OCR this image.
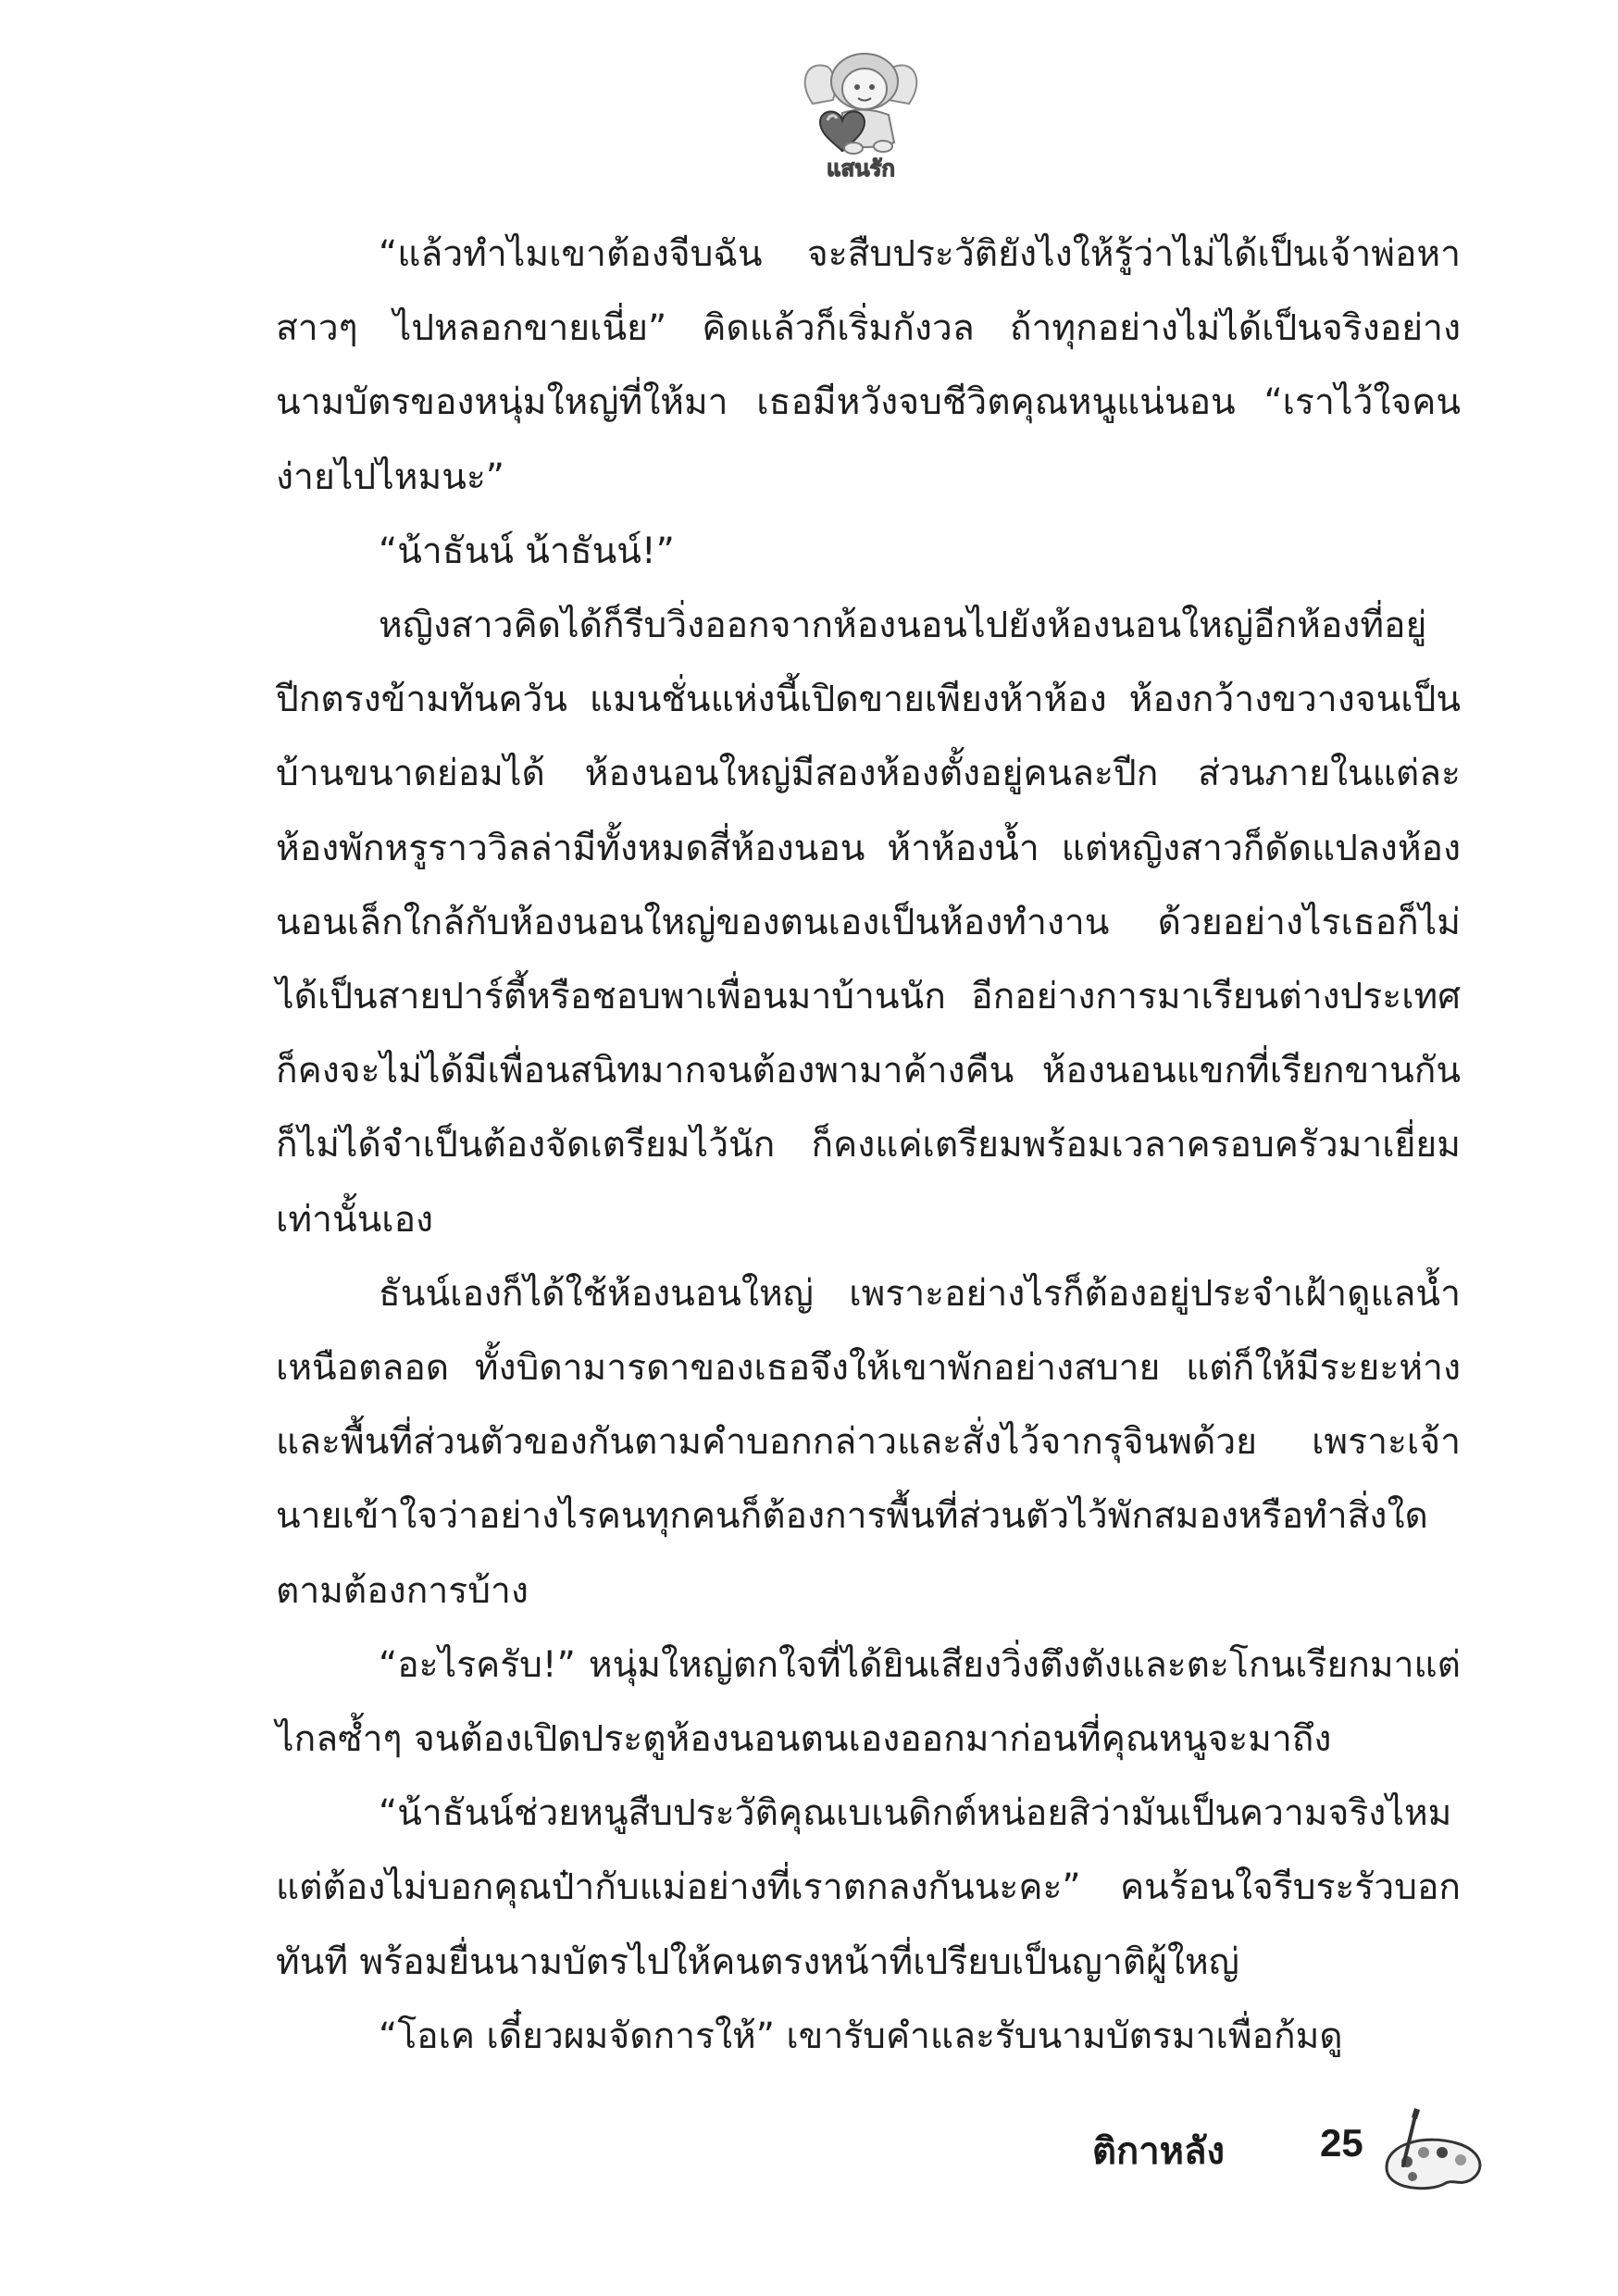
แสนรัก

“แล้วทำไมเขาต้องจีบฉัน จะสืบประวัติยังไงให้รู้ว่าไม่ได้เป็นเจ้าพ่อหาสาวๆ ไปหลอกขายเนี่ย” คิดแล้วก็เริ่มกังวล ถ้าทุกอย่างไม่ได้เป็นจริงอย่างนามบัตรของหนุ่มใหญ่ที่ให้มา เธอมีหวังจบชีวิตคุณหนูแน่นอน “เราไว้ใจคนง่ายไปไหมนะ”

“น้าธันน์ น้าธันน์!”

หญิงสาวคิดได้ก็รีบวิ่งออกจากห้องนอนไปยังห้องนอนใหญ่อีกห้องที่อยู่ปีกตรงข้ามทันควัน แมนชั่นแห่งนี้เปิดขายเพียงห้าห้อง ห้องกว้างขวางจนเป็นบ้านขนาดย่อมได้ ห้องนอนใหญ่มีสองห้องตั้งอยู่คนละปีก ส่วนภายในแต่ละห้องพักหรูราววิลล่ามีทั้งหมดสี่ห้องนอน ห้าห้องน้ำ แต่หญิงสาวก็ดัดแปลงห้องนอนเล็กใกล้กับห้องนอนใหญ่ของตนเองเป็นห้องทำงาน ด้วยอย่างไรเธอก็ไม่ได้เป็นสายปาร์ตี้หรือชอบพาเพื่อนมาบ้านนัก อีกอย่างการมาเรียนต่างประเทศก็คงจะไม่ได้มีเพื่อนสนิทมากจนต้องพามาค้างคืน ห้องนอนแขกที่เรียกขานกันก็ไม่ได้จำเป็นต้องจัดเตรียมไว้นัก ก็คงแค่เตรียมพร้อมเวลาครอบครัวมาเยี่ยมเท่านั้นเอง

ธันน์เองก็ได้ใช้ห้องนอนใหญ่ เพราะอย่างไรก็ต้องอยู่ประจำเฝ้าดูแลน้ำเหนือตลอด ทั้งบิดามารดาของเธอจึงให้เขาพักอย่างสบาย แต่ก็ให้มีระยะห่างและพื้นที่ส่วนตัวของกันตามคำบอกกล่าวและสั่งไว้จากรุจินพด้วย เพราะเจ้านายเข้าใจว่าอย่างไรคนทุกคนก็ต้องการพื้นที่ส่วนตัวไว้พักสมองหรือทำสิ่งใดตามต้องการบ้าง

“อะไรครับ!” หนุ่มใหญ่ตกใจที่ได้ยินเสียงวิ่งตึงตังและตะโกนเรียกมาแต่ไกลซ้ำๆ จนต้องเปิดประตูห้องนอนตนเองออกมาก่อนที่คุณหนูจะมาถึง

“น้าธันน์ช่วยหนูสืบประวัติคุณเบเนดิกต์หน่อยสิว่ามันเป็นความจริงไหม แต่ต้องไม่บอกคุณป๋ากับแม่อย่างที่เราตกลงกันนะคะ” คนร้อนใจรีบระรัวบอกทันที พร้อมยื่นนามบัตรไปให้คนตรงหน้าที่เปรียบเป็นญาติผู้ใหญ่

“โอเค เดี๋ยวผมจัดการให้” เขารับคำและรับนามบัตรมาเพื่อก้มดู

ติกาหลัง 25
